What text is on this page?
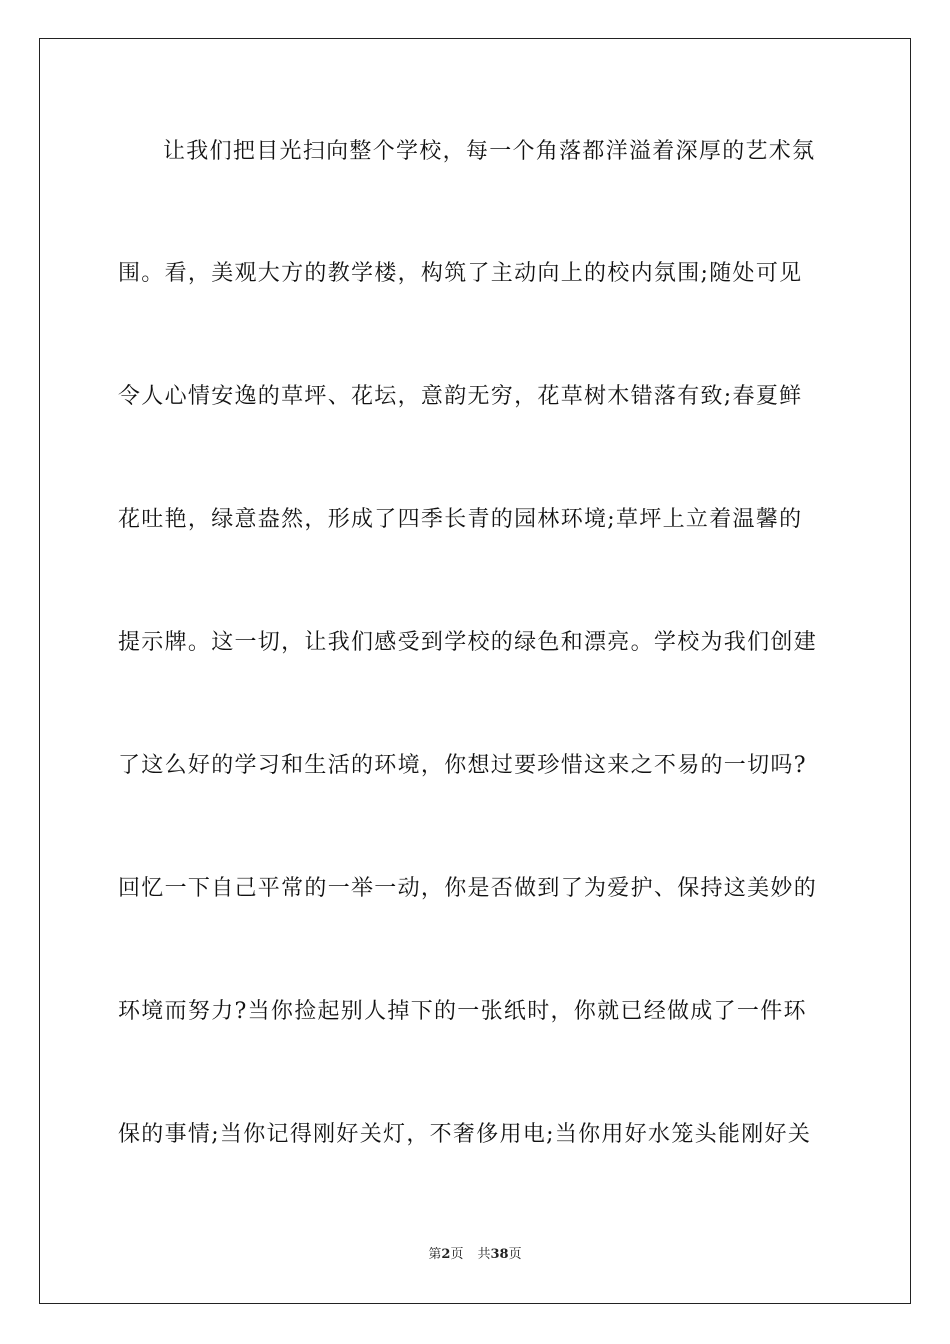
让我们把目光扫向整个学校，每一个角落都洋溢着深厚的艺术氛
围。看，美观大方的教学楼，构筑了主动向上的校内氛围;随处可见
令人心情安逸的草坪、花坛，意韵无穷，花草树木错落有致;春夏鲜
花吐艳，绿意盎然，形成了四季长青的园林环境;草坪上立着温馨的
提示牌。这一切，让我们感受到学校的绿色和漂亮。学校为我们创建
了这么好的学习和生活的环境，你想过要珍惜这来之不易的一切吗?
回忆一下自己平常的一举一动，你是否做到了为爱护、保持这美妙的
环境而努力?当你捡起别人掉下的一张纸时，你就已经做成了一件环
保的事情;当你记得刚好关灯，不奢侈用电;当你用好水笼头能刚好关
第2页 共38页
